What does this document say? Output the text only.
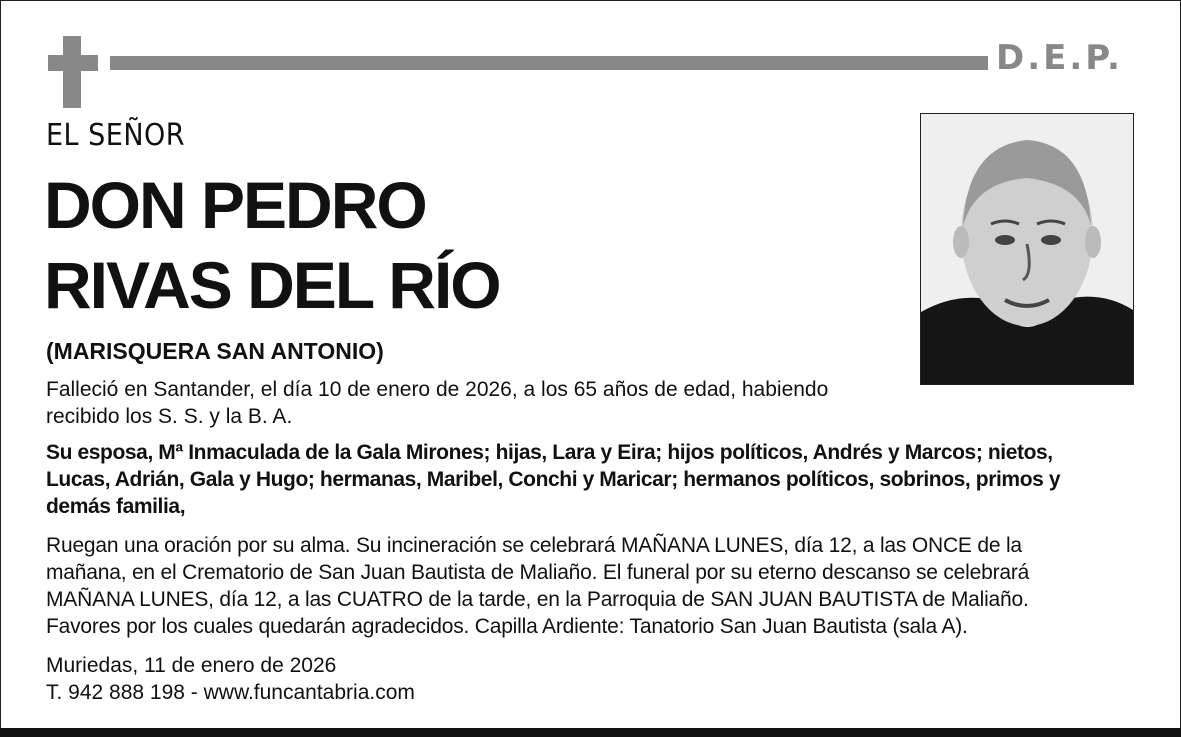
D.E.P.
EL SEÑOR
DON PEDRO
RIVAS DEL RÍO
(MARISQUERA SAN ANTONIO)
Falleció en Santander, el día 10 de enero de 2026, a los 65 años de edad, habiendo
recibido los S. S. y la B. A.
Su esposa, Mª Inmaculada de la Gala Mirones; hijas, Lara y Eira; hijos políticos, Andrés y Marcos; nietos,
Lucas, Adrián, Gala y Hugo; hermanas, Maribel, Conchi y Maricar; hermanos políticos, sobrinos, primos y
demás familia,
Ruegan una oración por su alma. Su incineración se celebrará MAÑANA LUNES, día 12, a las ONCE de la
mañana, en el Crematorio de San Juan Bautista de Maliaño. El funeral por su eterno descanso se celebrará
MAÑANA LUNES, día 12, a las CUATRO de la tarde, en la Parroquia de SAN JUAN BAUTISTA de Maliaño.
Favores por los cuales quedarán agradecidos. Capilla Ardiente: Tanatorio San Juan Bautista (sala A).
Muriedas, 11 de enero de 2026
T. 942 888 198 - www.funcantabria.com
